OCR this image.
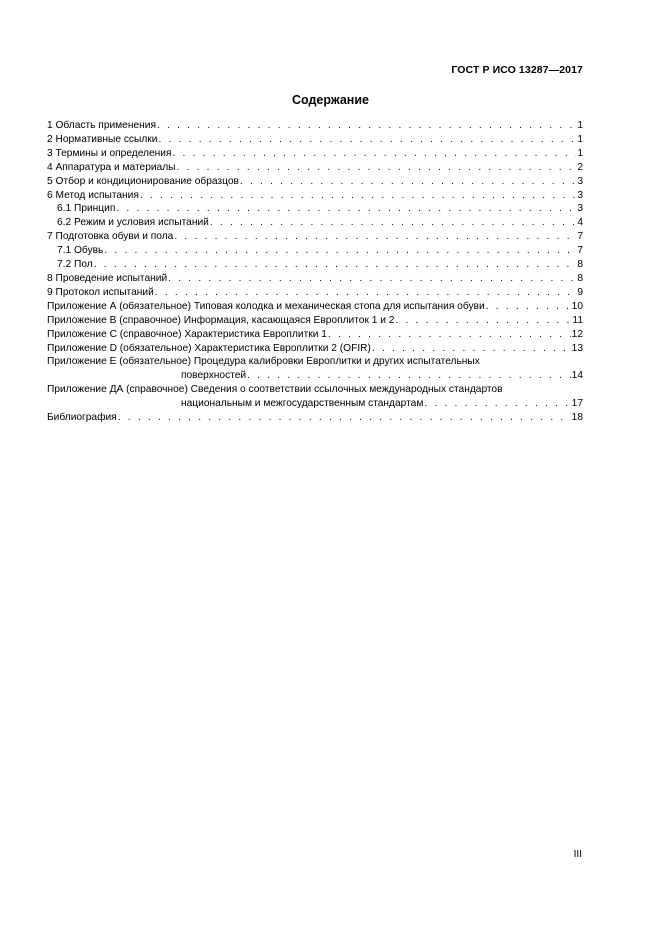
ГОСТ Р ИСО 13287—2017
Содержание
1 Область применения . . .	1
2 Нормативные ссылки . . .	1
3 Термины и определения . . .	1
4 Аппаратура и материалы . . .	2
5 Отбор и кондиционирование образцов . . .	3
6 Метод испытания . . .	3
6.1 Принцип . . .	3
6.2 Режим и условия испытаний . . .	4
7 Подготовка обуви и пола . . .	7
7.1 Обувь . . .	7
7.2 Пол . . .	8
8 Проведение испытаний . . .	8
9 Протокол испытаний . . .	9
Приложение А (обязательное) Типовая колодка и механическая стопа для испытания обуви . . .	10
Приложение В (справочное) Информация, касающаяся Европлиток 1 и 2 . . .	11
Приложение С (справочное) Характеристика Европлитки 1 . . .	12
Приложение D (обязательное) Характеристика Европлитки 2 (OFIR) . . .	13
Приложение Е (обязательное) Процедура калибровки Европлитки и других испытательных
поверхностей . . .	14
Приложение ДА (справочное) Сведения о соответствии ссылочных международных стандартов
национальным и межгосударственным стандартам . . .	17
Библиография . . .	18
III
